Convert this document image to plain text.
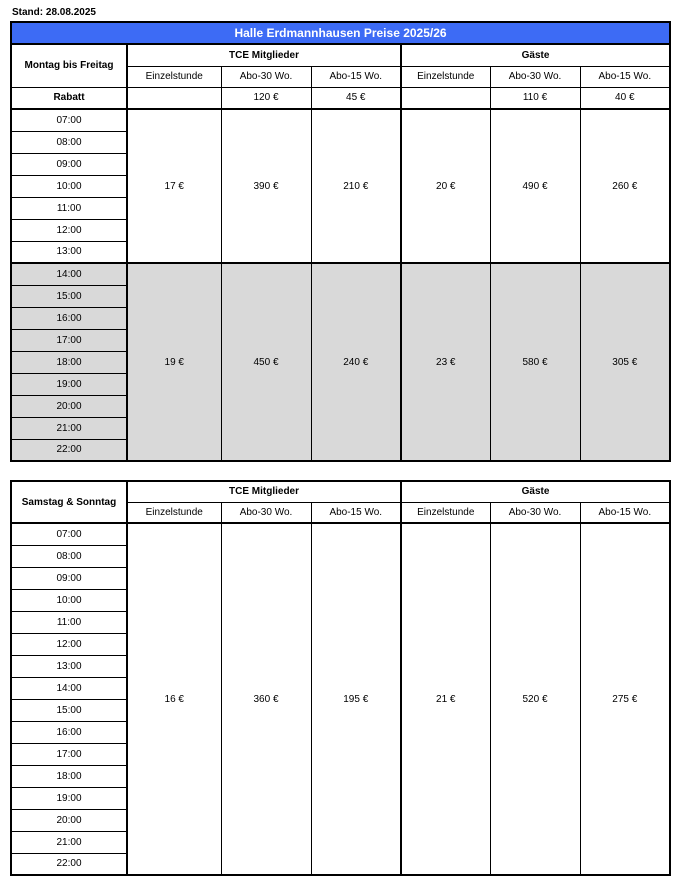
Stand: 28.08.2025
Halle Erdmannhausen Preise 2025/26						
Montag bis Freitag	TCE Mitglieder			Gäste		
	Einzelstunde	Abo-30 Wo.	Abo-15 Wo.	Einzelstunde	Abo-30 Wo.	Abo-15 Wo.
Rabatt		120 €	45 €		110 €	40 €
07:00	17 €	390 €	210 €	20 €	490 €	260 €
08:00						
09:00						
10:00						
11:00						
12:00						
13:00						
14:00	19 €	450 €	240 €	23 €	580 €	305 €
15:00						
16:00						
17:00						
18:00						
19:00						
20:00						
21:00						
22:00						
Samstag & Sonntag	TCE Mitglieder			Gäste		
	Einzelstunde	Abo-30 Wo.	Abo-15 Wo.	Einzelstunde	Abo-30 Wo.	Abo-15 Wo.
07:00	16 €	360 €	195 €	21 €	520 €	275 €
08:00						
09:00						
10:00						
11:00						
12:00						
13:00						
14:00						
15:00						
16:00						
17:00						
18:00						
19:00						
20:00						
21:00						
22:00						
